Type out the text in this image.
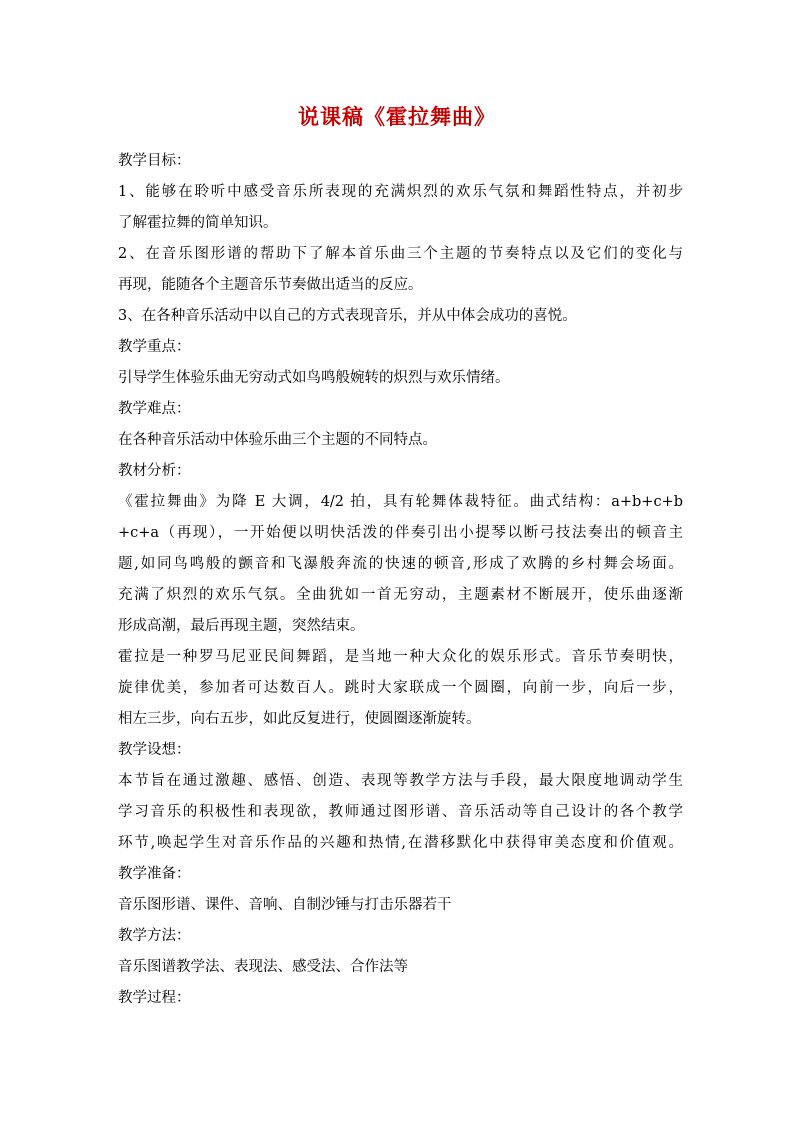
说课稿《霍拉舞曲》
教学目标：
1、能够在聆听中感受音乐所表现的充满炽烈的欢乐气氛和舞蹈性特点，并初步
了解霍拉舞的简单知识。
2、在音乐图形谱的帮助下了解本首乐曲三个主题的节奏特点以及它们的变化与
再现，能随各个主题音乐节奏做出适当的反应。
3、在各种音乐活动中以自己的方式表现音乐，并从中体会成功的喜悦。
教学重点：
引导学生体验乐曲无穷动式如鸟鸣般婉转的炽烈与欢乐情绪。
教学难点：
在各种音乐活动中体验乐曲三个主题的不同特点。
教材分析：
《霍拉舞曲》为降 E 大调，4/2 拍，具有轮舞体裁特征。曲式结构：a+b+c+b
+c+a（再现），一开始便以明快活泼的伴奏引出小提琴以断弓技法奏出的顿音主
题,如同鸟鸣般的颤音和飞瀑般奔流的快速的顿音,形成了欢腾的乡村舞会场面。
充满了炽烈的欢乐气氛。全曲犹如一首无穷动，主题素材不断展开，使乐曲逐渐
形成高潮，最后再现主题，突然结束。
霍拉是一种罗马尼亚民间舞蹈，是当地一种大众化的娱乐形式。音乐节奏明快，
旋律优美，参加者可达数百人。跳时大家联成一个圆圈，向前一步，向后一步，
相左三步，向右五步，如此反复进行，使圆圈逐渐旋转。
教学设想：
本节旨在通过激趣、感悟、创造、表现等教学方法与手段，最大限度地调动学生
学习音乐的积极性和表现欲，教师通过图形谱、音乐活动等自己设计的各个教学
环节,唤起学生对音乐作品的兴趣和热情,在潜移默化中获得审美态度和价值观。
教学准备：
音乐图形谱、课件、音响、自制沙锤与打击乐器若干
教学方法：
音乐图谱教学法、表现法、感受法、合作法等
教学过程：
